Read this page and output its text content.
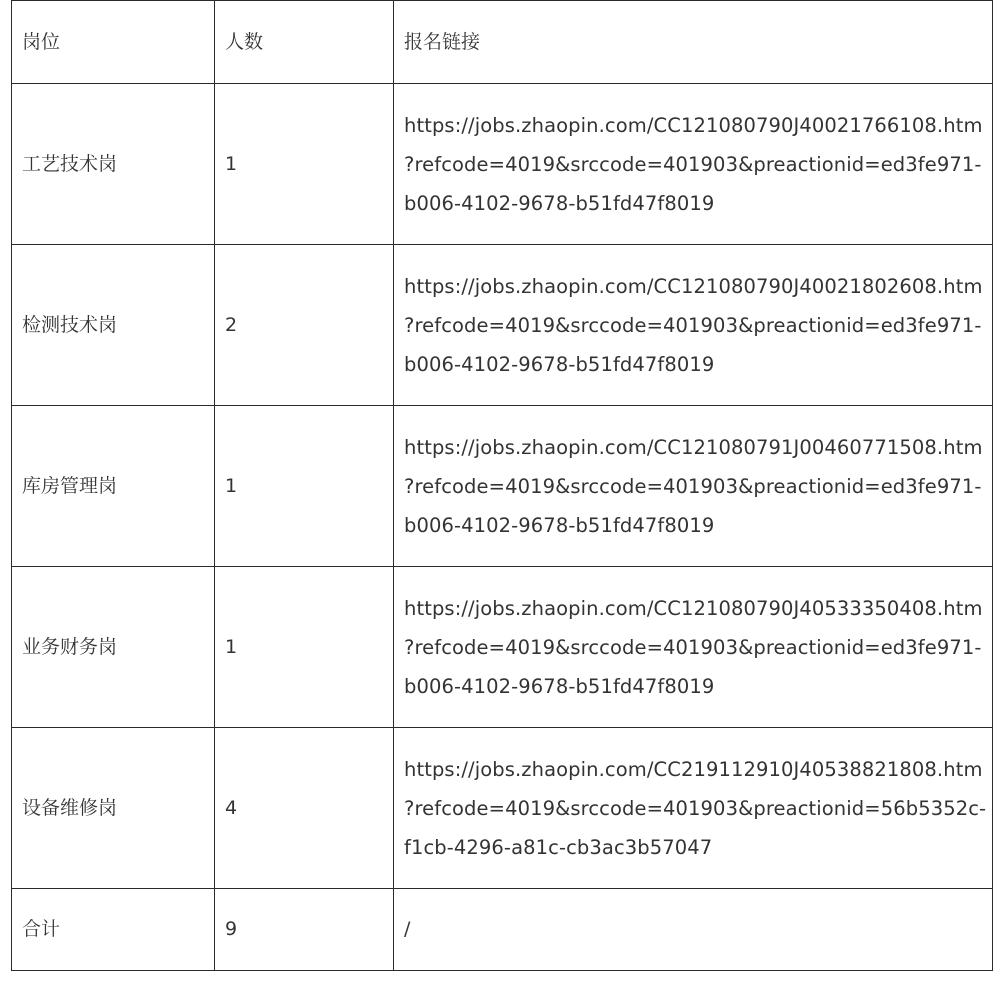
岗位	人数	报名链接
工艺技术岗	1	https://jobs.zhaopin.com/CC121080790J40021766108.htm
?refcode=4019&srccode=401903&preactionid=ed3fe971-
b006-4102-9678-b51fd47f8019

检测技术岗	2	https://jobs.zhaopin.com/CC121080790J40021802608.htm
?refcode=4019&srccode=401903&preactionid=ed3fe971-
b006-4102-9678-b51fd47f8019

库房管理岗	1	https://jobs.zhaopin.com/CC121080791J00460771508.htm
?refcode=4019&srccode=401903&preactionid=ed3fe971-
b006-4102-9678-b51fd47f8019

业务财务岗	1	https://jobs.zhaopin.com/CC121080790J40533350408.htm
?refcode=4019&srccode=401903&preactionid=ed3fe971-
b006-4102-9678-b51fd47f8019

设备维修岗	4	https://jobs.zhaopin.com/CC219112910J40538821808.htm
?refcode=4019&srccode=401903&preactionid=56b5352c-
f1cb-4296-a81c-cb3ac3b57047

合计	9	/
